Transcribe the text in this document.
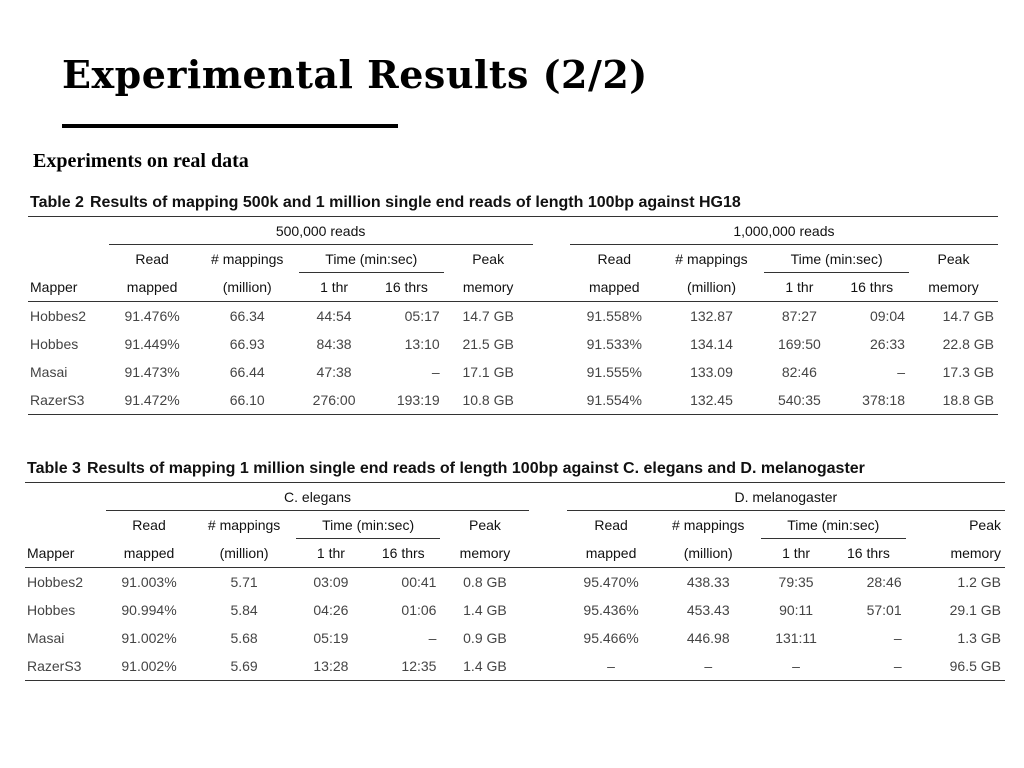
Experimental Results (2/2)
Experiments on real data

Table 2 Results of mapping 500k and 1 million single end reads of length 100bp against HG18

	500,000 reads						1,000,000 reads				
	Read	# mappings	Time (min:sec)		Peak		Read	# mappings	Time (min:sec)		Peak
Mapper	mapped	(million)	1 thr	16 thrs	memory		mapped	(million)	1 thr	16 thrs	memory
Hobbes2	91.476%	66.34	44:54	05:17	14.7 GB		91.558%	132.87	87:27	09:04	14.7 GB
Hobbes	91.449%	66.93	84:38	13:10	21.5 GB		91.533%	134.14	169:50	26:33	22.8 GB
Masai	91.473%	66.44	47:38	–	17.1 GB		91.555%	133.09	82:46	–	17.3 GB
RazerS3	91.472%	66.10	276:00	193:19	10.8 GB		91.554%	132.45	540:35	378:18	18.8 GB

Table 3 Results of mapping 1 million single end reads of length 100bp against C. elegans and D. melanogaster

	C. elegans						D. melanogaster				
	Read	# mappings	Time (min:sec)		Peak		Read	# mappings	Time (min:sec)		Peak
Mapper	mapped	(million)	1 thr	16 thrs	memory		mapped	(million)	1 thr	16 thrs	memory
Hobbes2	91.003%	5.71	03:09	00:41	0.8 GB		95.470%	438.33	79:35	28:46	1.2 GB
Hobbes	90.994%	5.84	04:26	01:06	1.4 GB		95.436%	453.43	90:11	57:01	29.1 GB
Masai	91.002%	5.68	05:19	–	0.9 GB		95.466%	446.98	131:11	–	1.3 GB
RazerS3	91.002%	5.69	13:28	12:35	1.4 GB		–	–	–	–	96.5 GB
